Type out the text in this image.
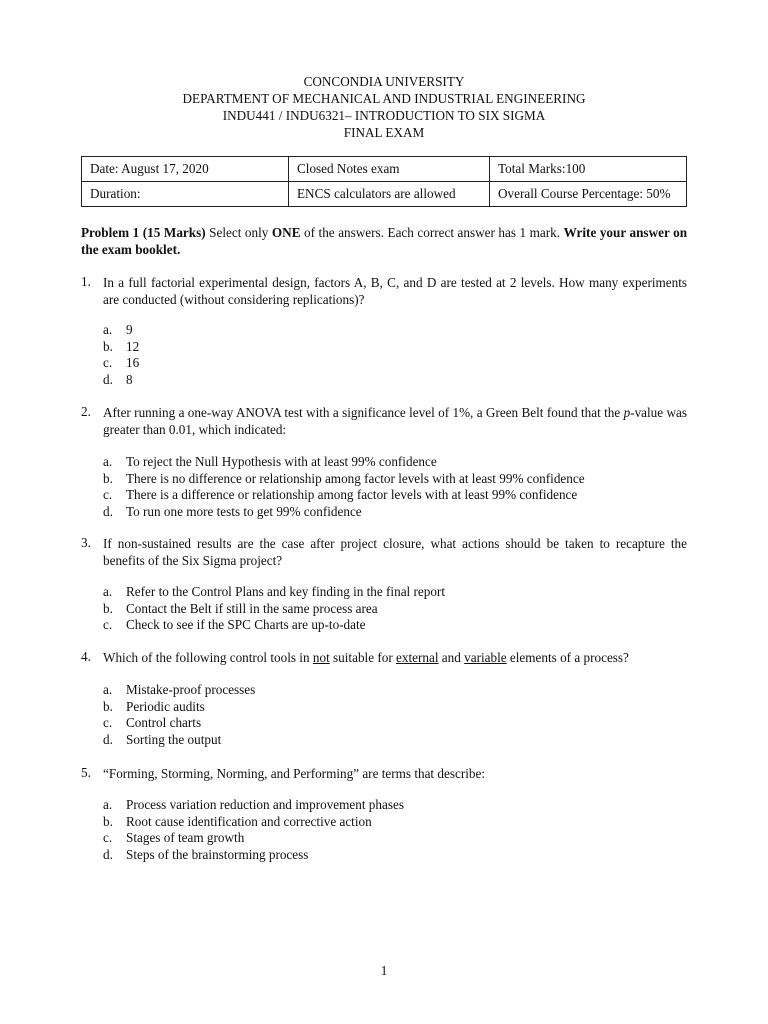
CONCONDIA UNIVERSITY
DEPARTMENT OF MECHANICAL AND INDUSTRIAL ENGINEERING
INDU441 / INDU6321– INTRODUCTION TO SIX SIGMA
FINAL EXAM
Date: August 17, 2020	Closed Notes exam	Total Marks:100
Duration:	ENCS calculators are allowed	Overall Course Percentage: 50%
Problem 1 (15 Marks) Select only ONE of the answers. Each correct answer has 1 mark. Write your answer on the exam booklet.
1. In a full factorial experimental design, factors A, B, C, and D are tested at 2 levels. How many experiments are conducted (without considering replications)?
a.	9
b. 12
c.	16
d. 8
2. After running a one-way ANOVA test with a significance level of 1%, a Green Belt found that the p-value was greater than 0.01, which indicated:
a.	To reject the Null Hypothesis with at least 99% confidence
b. There is no difference or relationship among factor levels with at least 99% confidence
c.	There is a difference or relationship among factor levels with at least 99% confidence
d. To run one more tests to get 99% confidence
3. If non-sustained results are the case after project closure, what actions should be taken to recapture the benefits of the Six Sigma project?
a.	Refer to the Control Plans and key finding in the final report
b. Contact the Belt if still in the same process area
c.	Check to see if the SPC Charts are up-to-date
4. Which of the following control tools in not suitable for external and variable elements of a process?
a.	Mistake-proof processes
b. Periodic audits
c.	Control charts
d. Sorting the output
5. “Forming, Storming, Norming, and Performing” are terms that describe:
a.	Process variation reduction and improvement phases
b. Root cause identification and corrective action
c.	Stages of team growth
d. Steps of the brainstorming process
1
